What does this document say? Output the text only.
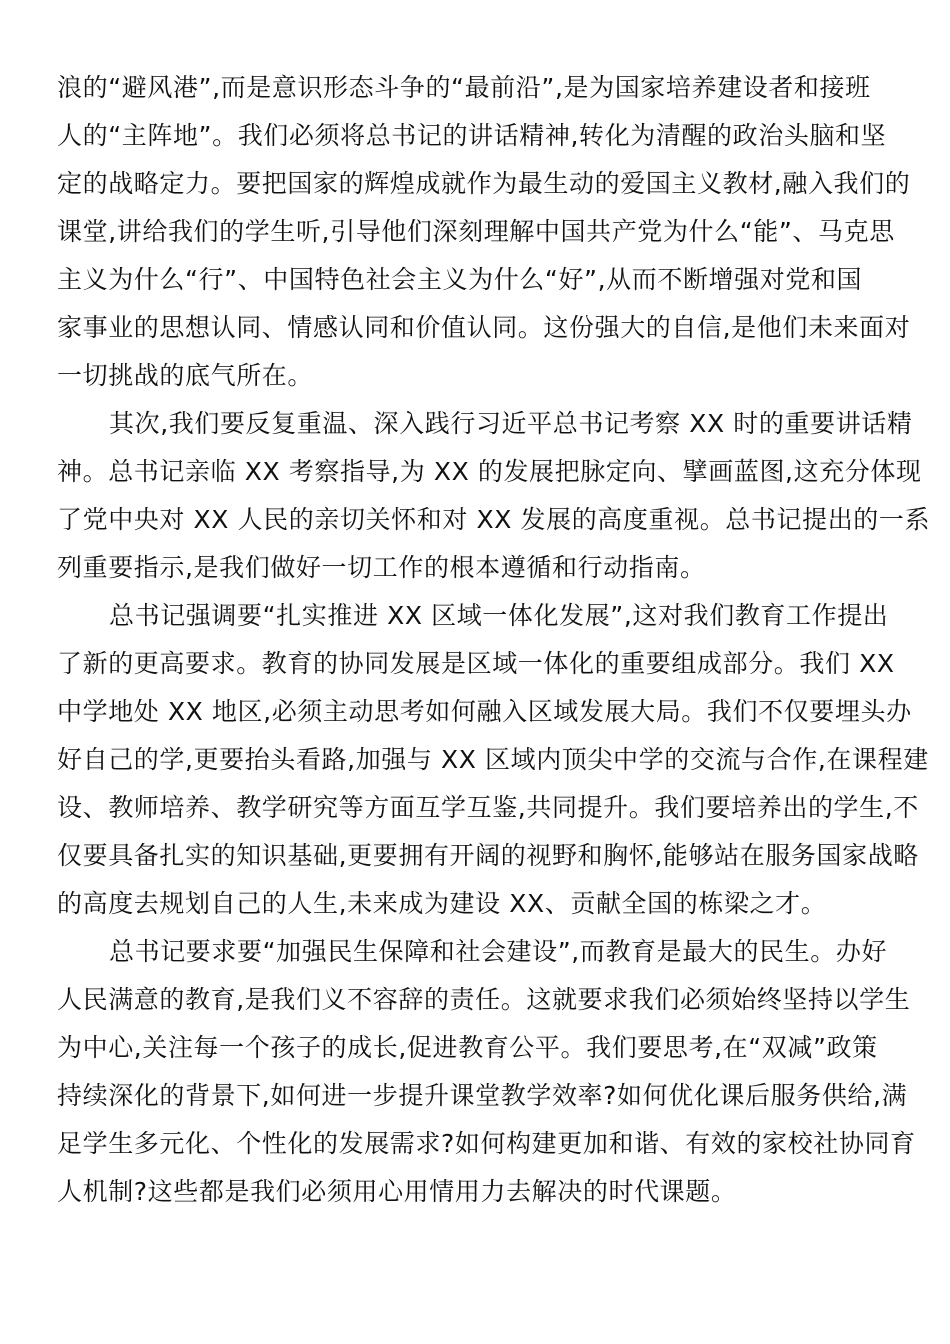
浪的“避风港”,而是意识形态斗争的“最前沿”,是为国家培养建设者和接班
人的“主阵地”。我们必须将总书记的讲话精神,转化为清醒的政治头脑和坚
定的战略定力。要把国家的辉煌成就作为最生动的爱国主义教材,融入我们的
课堂,讲给我们的学生听,引导他们深刻理解中国共产党为什么“能”、马克思
主义为什么“行”、中国特色社会主义为什么“好”,从而不断增强对党和国
家事业的思想认同、情感认同和价值认同。这份强大的自信,是他们未来面对
一切挑战的底气所在。
其次,我们要反复重温、深入践行习近平总书记考察 XX 时的重要讲话精
神。总书记亲临 XX 考察指导,为 XX 的发展把脉定向、擘画蓝图,这充分体现
了党中央对 XX 人民的亲切关怀和对 XX 发展的高度重视。总书记提出的一系
列重要指示,是我们做好一切工作的根本遵循和行动指南。
总书记强调要“扎实推进 XX 区域一体化发展”,这对我们教育工作提出
了新的更高要求。教育的协同发展是区域一体化的重要组成部分。我们 XX
中学地处 XX 地区,必须主动思考如何融入区域发展大局。我们不仅要埋头办
好自己的学,更要抬头看路,加强与 XX 区域内顶尖中学的交流与合作,在课程建
设、教师培养、教学研究等方面互学互鉴,共同提升。我们要培养出的学生,不
仅要具备扎实的知识基础,更要拥有开阔的视野和胸怀,能够站在服务国家战略
的高度去规划自己的人生,未来成为建设 XX、贡献全国的栋梁之才。
总书记要求要“加强民生保障和社会建设”,而教育是最大的民生。办好
人民满意的教育,是我们义不容辞的责任。这就要求我们必须始终坚持以学生
为中心,关注每一个孩子的成长,促进教育公平。我们要思考,在“双减”政策
持续深化的背景下,如何进一步提升课堂教学效率?如何优化课后服务供给,满
足学生多元化、个性化的发展需求?如何构建更加和谐、有效的家校社协同育
人机制?这些都是我们必须用心用情用力去解决的时代课题。
